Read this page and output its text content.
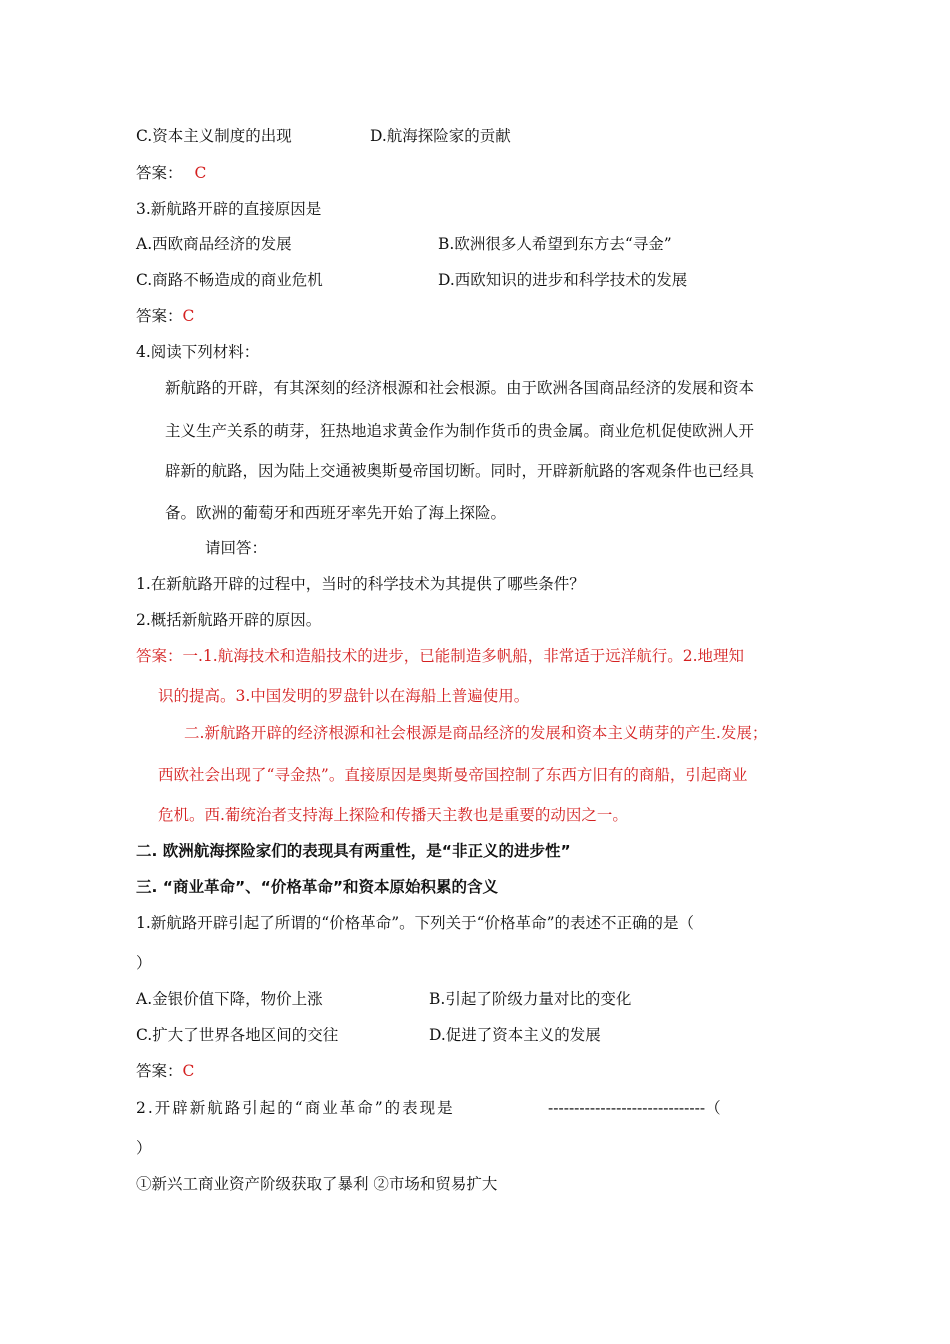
C.资本主义制度的出现	D.航海探险家的贡献
答案： C
3.新航路开辟的直接原因是
A.西欧商品经济的发展	B.欧洲很多人希望到东方去“寻金”
C.商路不畅造成的商业危机	D.西欧知识的进步和科学技术的发展
答案：C
4.阅读下列材料：
新航路的开辟，有其深刻的经济根源和社会根源。由于欧洲各国商品经济的发展和资本
主义生产关系的萌芽，狂热地追求黄金作为制作货币的贵金属。商业危机促使欧洲人开
辟新的航路，因为陆上交通被奥斯曼帝国切断。同时，开辟新航路的客观条件也已经具
备。欧洲的葡萄牙和西班牙率先开始了海上探险。
请回答：
1.在新航路开辟的过程中，当时的科学技术为其提供了哪些条件？
2.概括新航路开辟的原因。
答案：一.1.航海技术和造船技术的进步，已能制造多帆船，非常适于远洋航行。2.地理知
识的提高。3.中国发明的罗盘针以在海船上普遍使用。
二.新航路开辟的经济根源和社会根源是商品经济的发展和资本主义萌芽的产生.发展；
西欧社会出现了“寻金热”。直接原因是奥斯曼帝国控制了东西方旧有的商船，引起商业
危机。西.葡统治者支持海上探险和传播天主教也是重要的动因之一。
二. 欧洲航海探险家们的表现具有两重性，是“非正义的进步性”
三. “商业革命”、“价格革命”和资本原始积累的含义
1.新航路开辟引起了所谓的“价格革命”。下列关于“价格革命”的表述不正确的是（
）
A.金银价值下降，物价上涨	B.引起了阶级力量对比的变化
C.扩大了世界各地区间的交往	D.促进了资本主义的发展
答案：C
2.开辟新航路引起的“商业革命”的表现是	------------------------------（
）
①新兴工商业资产阶级获取了暴利 ②市场和贸易扩大
